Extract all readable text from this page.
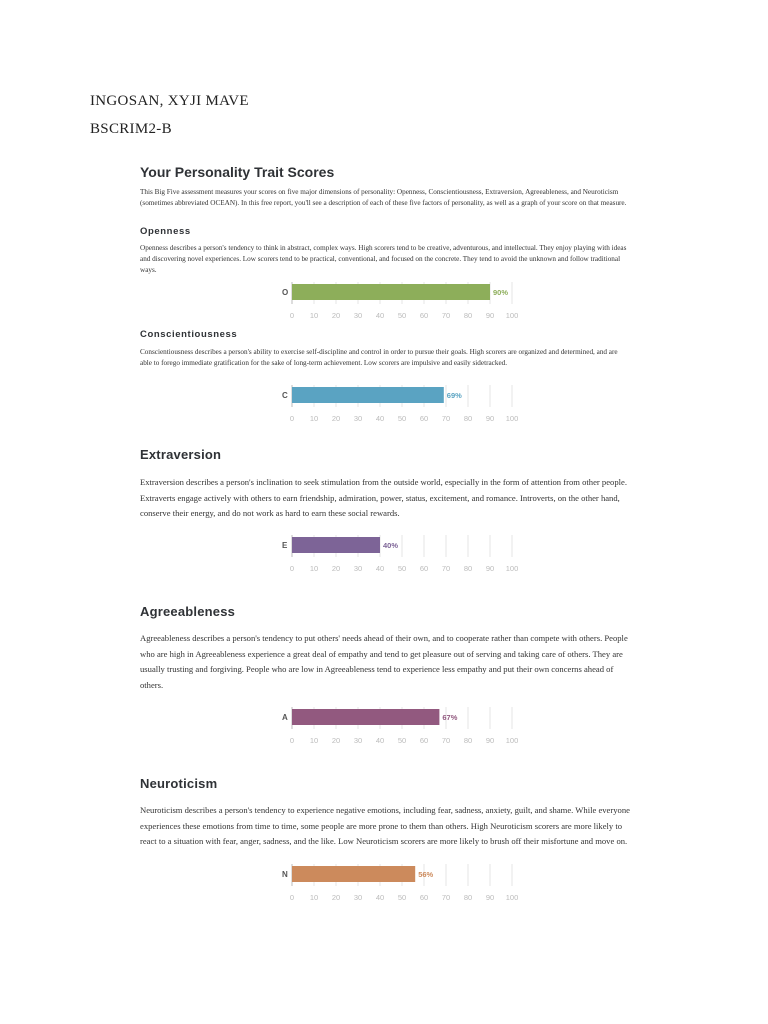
INGOSAN, XYJI MAVE
BSCRIM2-B
Your Personality Trait Scores

This Big Five assessment measures your scores on five major dimensions of personality: Openness, Conscientiousness, Extraversion, Agreeableness, and Neuroticism (sometimes abbreviated OCEAN). In this free report, you'll see a description of each of these five factors of personality, as well as a graph of your score on that measure.

Openness

Openness describes a person's tendency to think in abstract, complex ways. High scorers tend to be creative, adventurous, and intellectual. They enjoy playing with ideas and discovering novel experiences. Low scorers tend to be practical, conventional, and focused on the concrete. They tend to avoid the unknown and follow traditional ways.

O	90%
0 10 20 30 40 50 60 70 80 90 100
Conscientiousness

Conscientiousness describes a person's ability to exercise self-discipline and control in order to pursue their goals. High scorers are organized and determined, and are able to forego immediate gratification for the sake of long-term achievement. Low scorers are impulsive and easily sidetracked.

C	69%
0 10 20 30 40 50 60 70 80 90 100
Extraversion

Extraversion describes a person's inclination to seek stimulation from the outside world, especially in the form of attention from other people. Extraverts engage actively with others to earn friendship, admiration, power, status, excitement, and romance. Introverts, on the other hand, conserve their energy, and do not work as hard to earn these social rewards.

E	40%
0 10 20 30 40 50 60 70 80 90 100
Agreeableness

Agreeableness describes a person's tendency to put others' needs ahead of their own, and to cooperate rather than compete with others. People who are high in Agreeableness experience a great deal of empathy and tend to get pleasure out of serving and taking care of others. They are usually trusting and forgiving. People who are low in Agreeableness tend to experience less empathy and put their own concerns ahead of others.

A	67%
0 10 20 30 40 50 60 70 80 90 100
Neuroticism

Neuroticism describes a person's tendency to experience negative emotions, including fear, sadness, anxiety, guilt, and shame. While everyone experiences these emotions from time to time, some people are more prone to them than others. High Neuroticism scorers are more likely to react to a situation with fear, anger, sadness, and the like. Low Neuroticism scorers are more likely to brush off their misfortune and move on.

N	56%
0 10 20 30 40 50 60 70 80 90 100
